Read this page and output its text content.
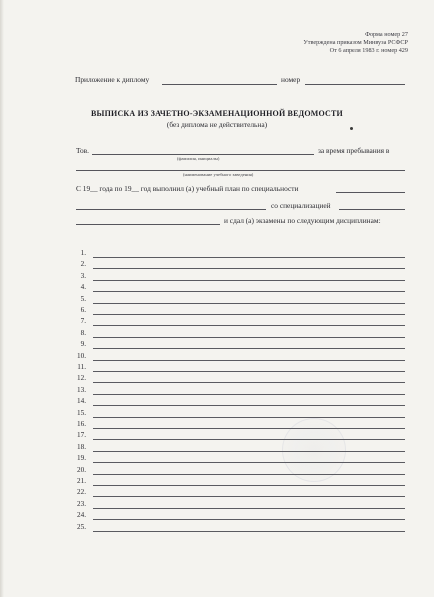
Форма номер 27
Утверждена приказом Минвуза РСФСР
От 6 апреля 1983 г. номер 429
Приложение к диплому	номер
ВЫПИСКА ИЗ ЗАЧЕТНО-ЭКЗАМЕНАЦИОННОЙ ВЕДОМОСТИ
(без диплома не действительна)
Тов.	за время пребывания в
(фамилия, инициалы)
(наименование учебного заведения)
С 19__ года по 19__ год выполнил (а) учебный план по специальности
со специализацией
и сдал (а) экзамены по следующим дисциплинам:
1.
2.
3.
4.
5.
6.
7.
8.
9.
10.
11.
12.
13.
14.
15.
16.
17.
18.
19.
20.
21.
22.
23.
24.
25.
